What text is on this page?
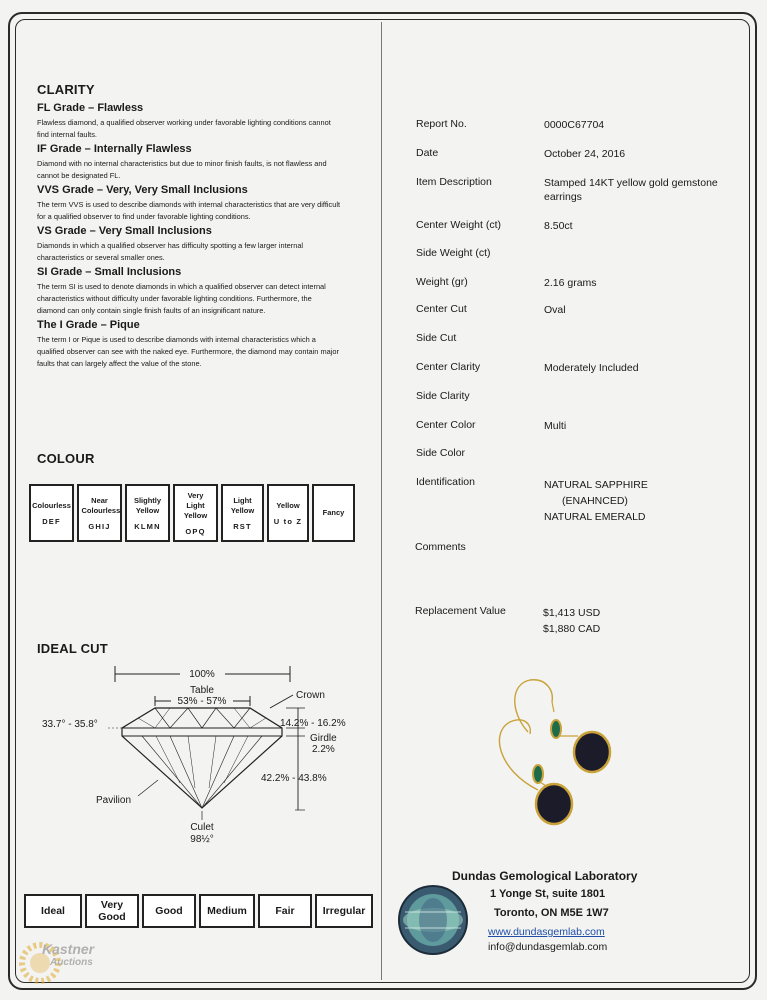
CLARITY
FL Grade – Flawless

Flawless diamond, a qualified observer working under favorable lighting conditions cannot find internal faults.

IF Grade – Internally Flawless

Diamond with no internal characteristics but due to minor finish faults, is not flawless and cannot be designated FL.

VVS Grade – Very, Very Small Inclusions

The term VVS is used to describe diamonds with internal characteristics that are very difficult for a qualified observer to find under favorable lighting conditions.

VS Grade – Very Small Inclusions

Diamonds in which a qualified observer has difficulty spotting a few larger internal characteristics or several smaller ones.

SI Grade – Small Inclusions

The term SI is used to denote diamonds in which a qualified observer can detect internal characteristics without difficulty under favorable lighting conditions. Furthermore, the diamond can only contain single finish faults of an insignificant nature.

The I Grade – Pique

The term I or Pique is used to describe diamonds with internal characteristics which a qualified observer can see with the naked eye. Furthermore, the diamond may contain major faults that can largely affect the value of the stone.

COLOUR
Colourless
DEF
Near Colourless
GHIJ
Slightly Yellow
KLMN
Very Light Yellow
OPQ
Light Yellow
RST
Yellow
U to Z
Fancy
IDEAL CUT
100%
Table
53% - 57%
Crown
33.7° - 35.8°	14.2% - 16.2%
Girdle
2.2%
42.2% - 43.8%
Pavilion
Culet
98½°
Ideal	Very Good	Good	Medium	Fair	Irregular
Report No.	0000C67704
Date	October 24, 2016
Item Description	Stamped 14KT yellow gold gemstone earrings
Center Weight (ct)	8.50ct
Side Weight (ct)
Weight (gr)	2.16 grams
Center Cut	Oval
Side Cut
Center Clarity	Moderately Included
Side Clarity
Center Color	Multi
Side Color
Identification	NATURAL SAPPHIRE
(ENAHNCED)
NATURAL EMERALD
Comments
Replacement Value	$1,413 USD
$1,880 CAD
Dundas Gemological Laboratory
1 Yonge St, suite 1801
Toronto, ON M5E 1W7
www.dundasgemlab.com
info@dundasgemlab.com
Kastner
Auctions
